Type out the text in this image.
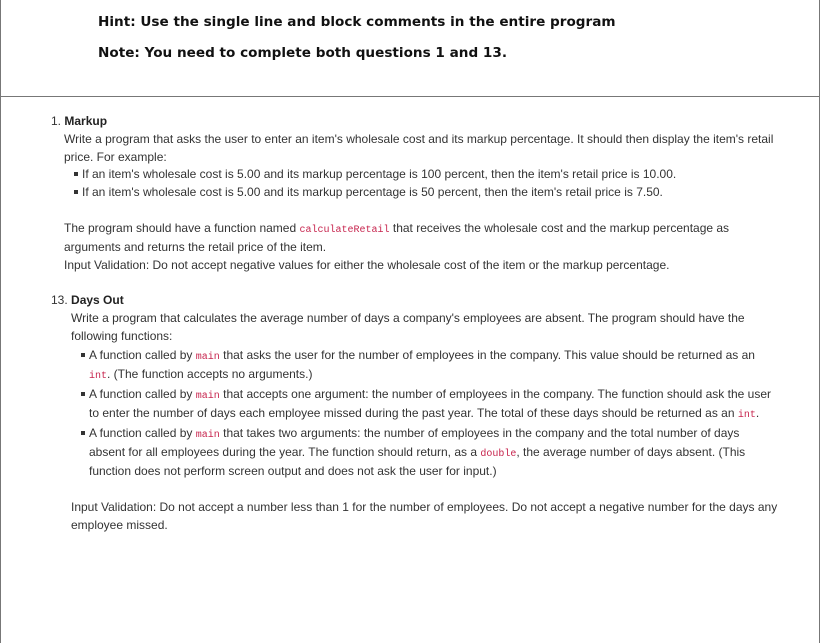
Hint: Use the single line and block comments in the entire program
Note: You need to complete both questions 1 and 13.
1. Markup
Write a program that asks the user to enter an item's wholesale cost and its markup percentage. It should then display the item's retail
price. For example:
If an item's wholesale cost is 5.00 and its markup percentage is 100 percent, then the item's retail price is 10.00.
If an item's wholesale cost is 5.00 and its markup percentage is 50 percent, then the item's retail price is 7.50.
The program should have a function named calculateRetail that receives the wholesale cost and the markup percentage as
arguments and returns the retail price of the item.
Input Validation: Do not accept negative values for either the wholesale cost of the item or the markup percentage.
13. Days Out
Write a program that calculates the average number of days a company's employees are absent. The program should have the
following functions:
A function called by main that asks the user for the number of employees in the company. This value should be returned as an
int. (The function accepts no arguments.)
A function called by main that accepts one argument: the number of employees in the company. The function should ask the user
to enter the number of days each employee missed during the past year. The total of these days should be returned as an int.
A function called by main that takes two arguments: the number of employees in the company and the total number of days
absent for all employees during the year. The function should return, as a double, the average number of days absent. (This
function does not perform screen output and does not ask the user for input.)
Input Validation: Do not accept a number less than 1 for the number of employees. Do not accept a negative number for the days any
employee missed.
